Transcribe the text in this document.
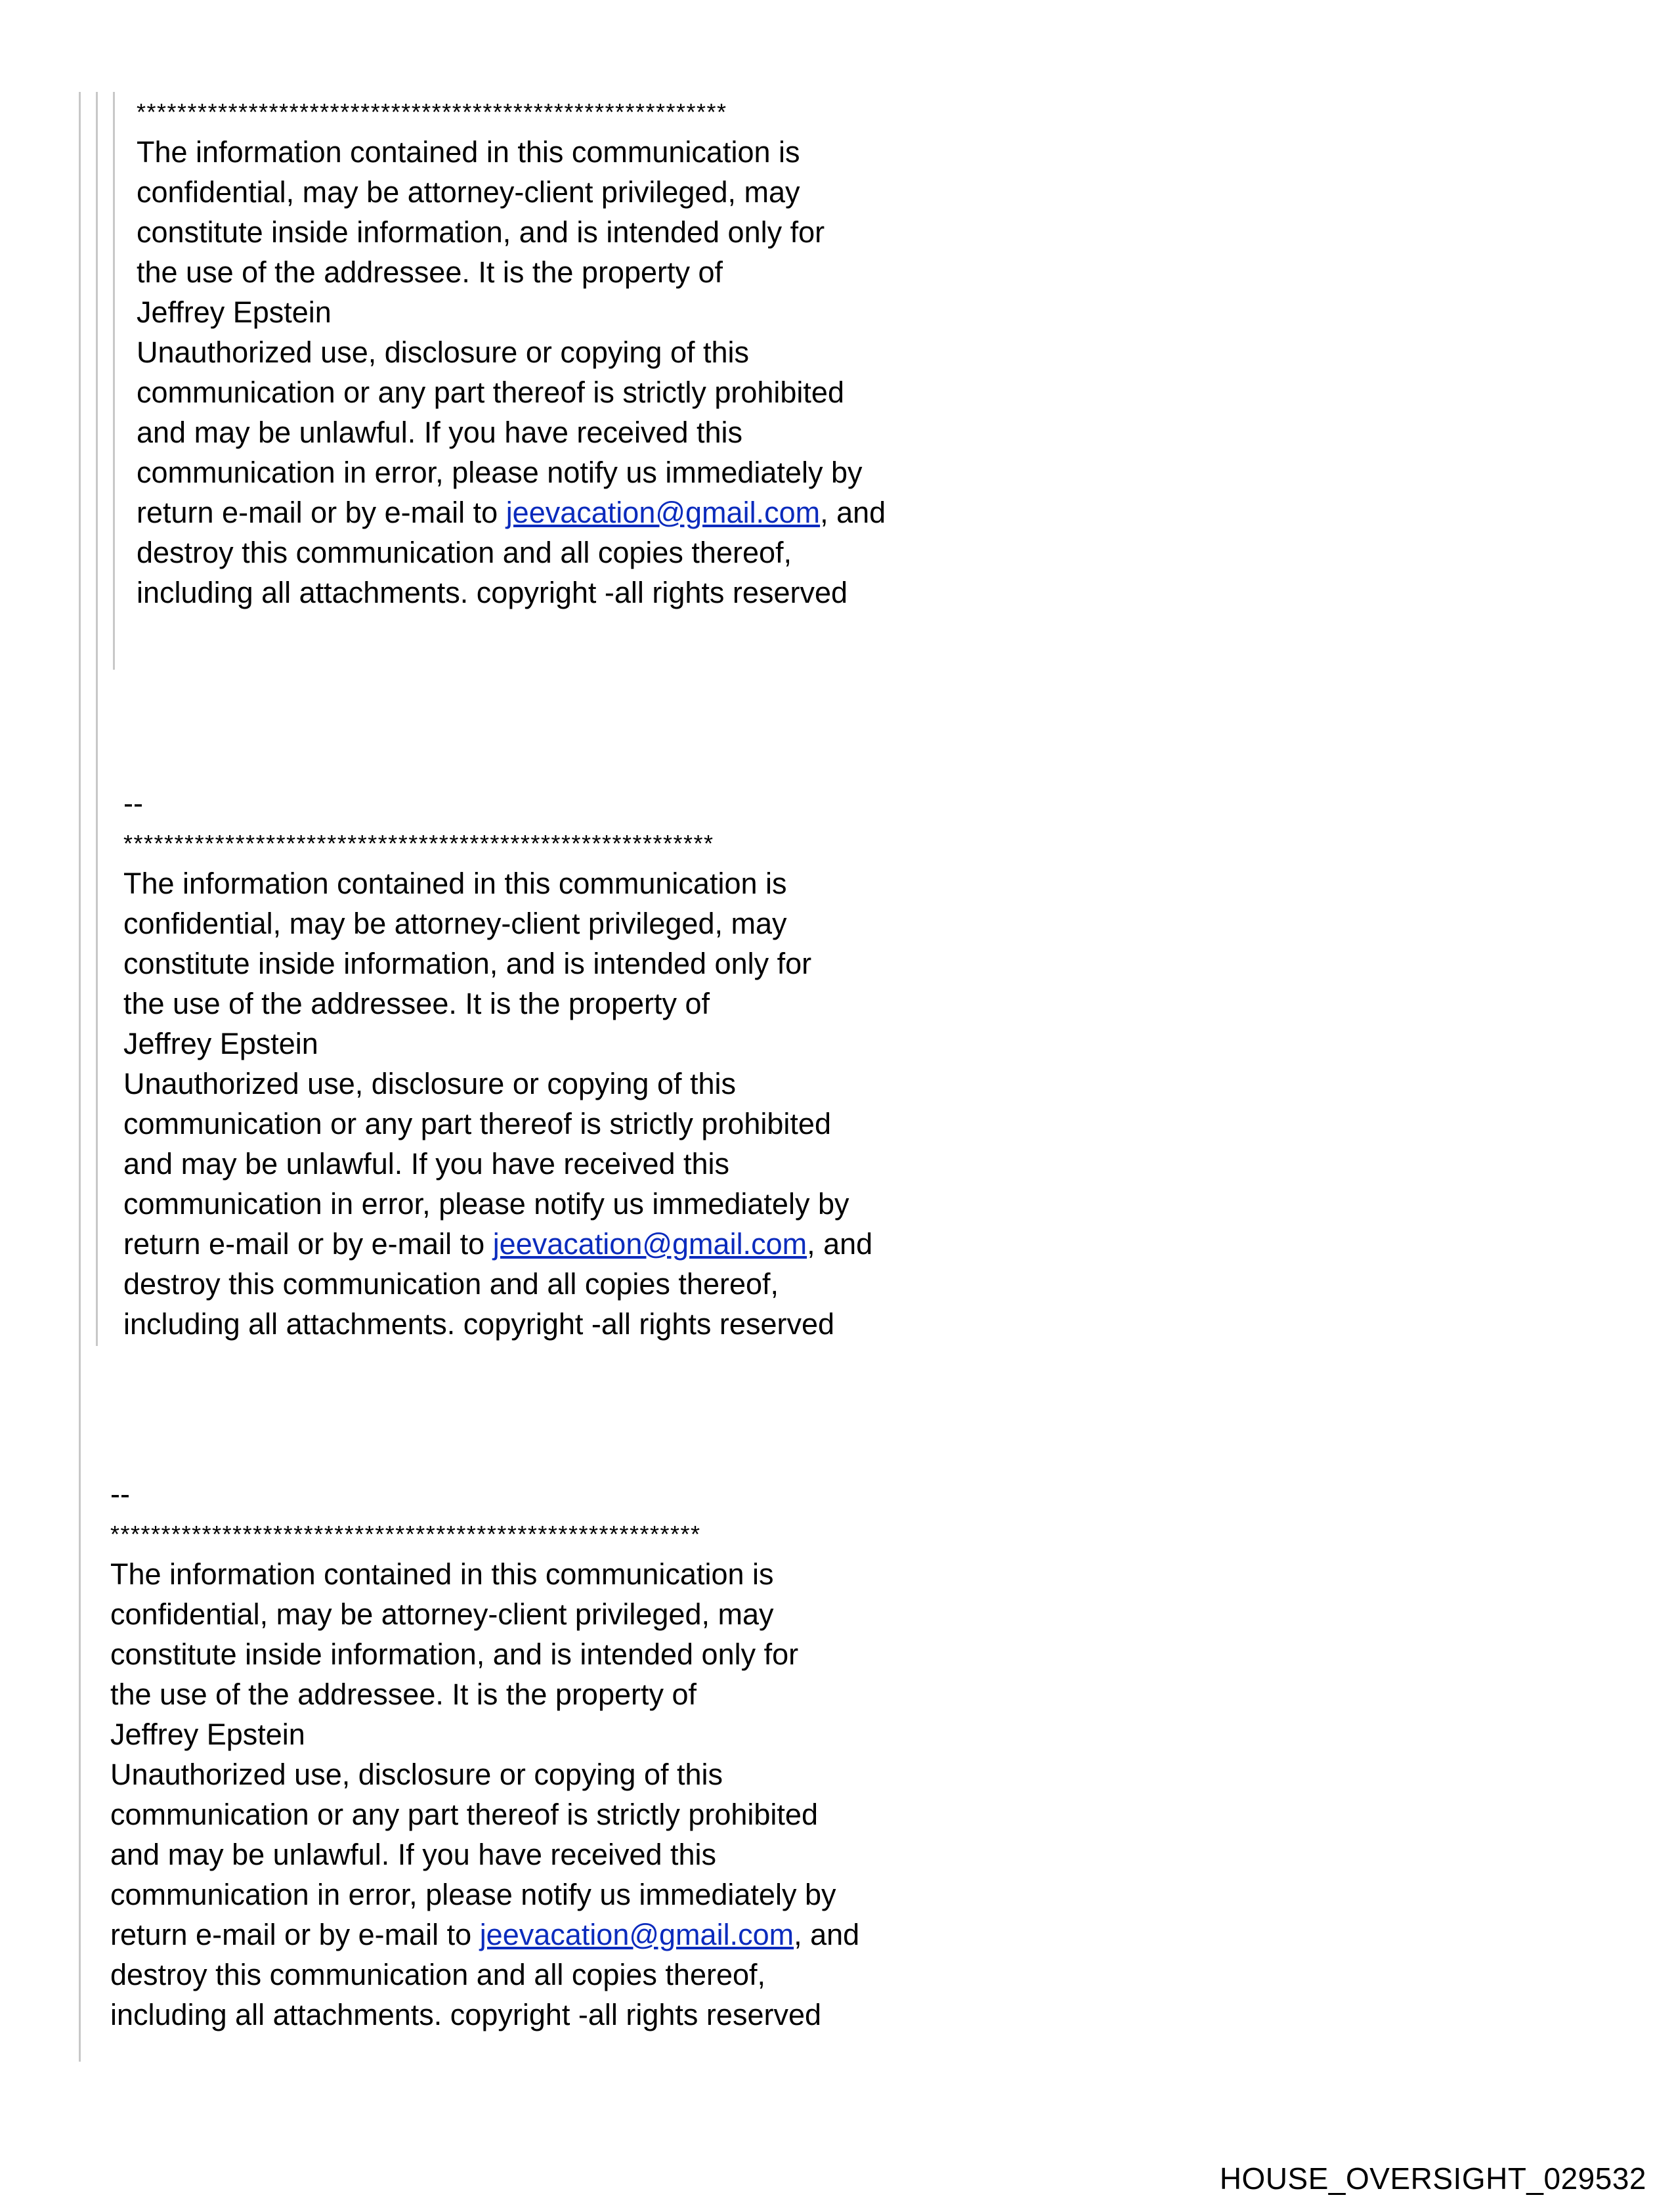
**********************************************************
The information contained in this communication is
confidential, may be attorney-client privileged, may
constitute inside information, and is intended only for
the use of the addressee. It is the property of
Jeffrey Epstein
Unauthorized use, disclosure or copying of this
communication or any part thereof is strictly prohibited
and may be unlawful. If you have received this
communication in error, please notify us immediately by
return e-mail or by e-mail to jeevacation@gmail.com, and
destroy this communication and all copies thereof,
including all attachments. copyright -all rights reserved
--
**********************************************************
The information contained in this communication is
confidential, may be attorney-client privileged, may
constitute inside information, and is intended only for
the use of the addressee. It is the property of
Jeffrey Epstein
Unauthorized use, disclosure or copying of this
communication or any part thereof is strictly prohibited
and may be unlawful. If you have received this
communication in error, please notify us immediately by
return e-mail or by e-mail to jeevacation@gmail.com, and
destroy this communication and all copies thereof,
including all attachments. copyright -all rights reserved
--
**********************************************************
The information contained in this communication is
confidential, may be attorney-client privileged, may
constitute inside information, and is intended only for
the use of the addressee. It is the property of
Jeffrey Epstein
Unauthorized use, disclosure or copying of this
communication or any part thereof is strictly prohibited
and may be unlawful. If you have received this
communication in error, please notify us immediately by
return e-mail or by e-mail to jeevacation@gmail.com, and
destroy this communication and all copies thereof,
including all attachments. copyright -all rights reserved
HOUSE_OVERSIGHT_029532
